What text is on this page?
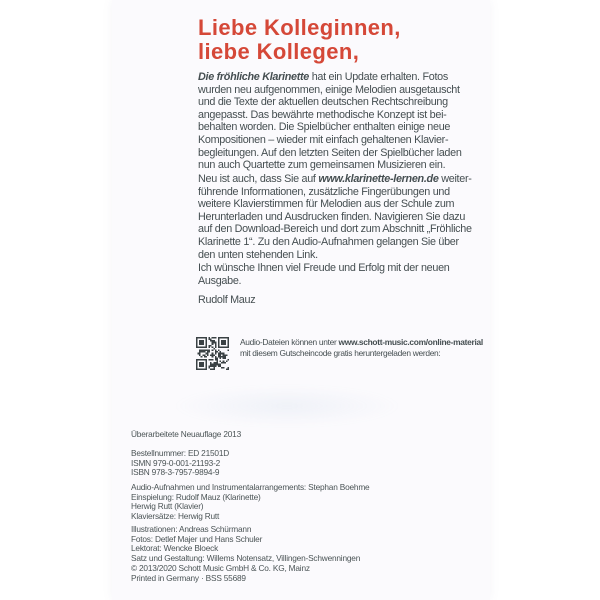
Liebe Kolleginnen,
liebe Kollegen,
Die fröhliche Klarinette hat ein Update erhalten. Fotos
wurden neu aufgenommen, einige Melodien ausgetauscht
und die Texte der aktuellen deutschen Rechtschreibung
angepasst. Das bewährte methodische Konzept ist bei-
behalten worden. Die Spielbücher enthalten einige neue
Kompositionen – wieder mit einfach gehaltenen Klavier-
begleitungen. Auf den letzten Seiten der Spielbücher laden
nun auch Quartette zum gemeinsamen Musizieren ein.
Neu ist auch, dass Sie auf www.klarinette-lernen.de weiter-
führende Informationen, zusätzliche Fingerübungen und
weitere Klavierstimmen für Melodien aus der Schule zum
Herunterladen und Ausdrucken finden. Navigieren Sie dazu
auf den Download-Bereich und dort zum Abschnitt „Fröhliche
Klarinette 1“. Zu den Audio-Aufnahmen gelangen Sie über
den unten stehenden Link.
Ich wünsche Ihnen viel Freude und Erfolg mit der neuen
Ausgabe.
Rudolf Mauz
Audio-Dateien können unter www.schott-music.com/online-material
mit diesem Gutscheincode gratis heruntergeladen werden:
Überarbeitete Neuauflage 2013
Bestellnummer: ED 21501D
ISMN 979-0-001-21193-2
ISBN 978-3-7957-9894-9
Audio-Aufnahmen und Instrumentalarrangements: Stephan Boehme
Einspielung: Rudolf Mauz (Klarinette)
Herwig Rutt (Klavier)
Klaviersätze: Herwig Rutt
Illustrationen: Andreas Schürmann
Fotos: Detlef Majer und Hans Schuler
Lektorat: Wencke Bloeck
Satz und Gestaltung: Willems Notensatz, Villingen-Schwenningen
© 2013/2020 Schott Music GmbH & Co. KG, Mainz
Printed in Germany · BSS 55689
